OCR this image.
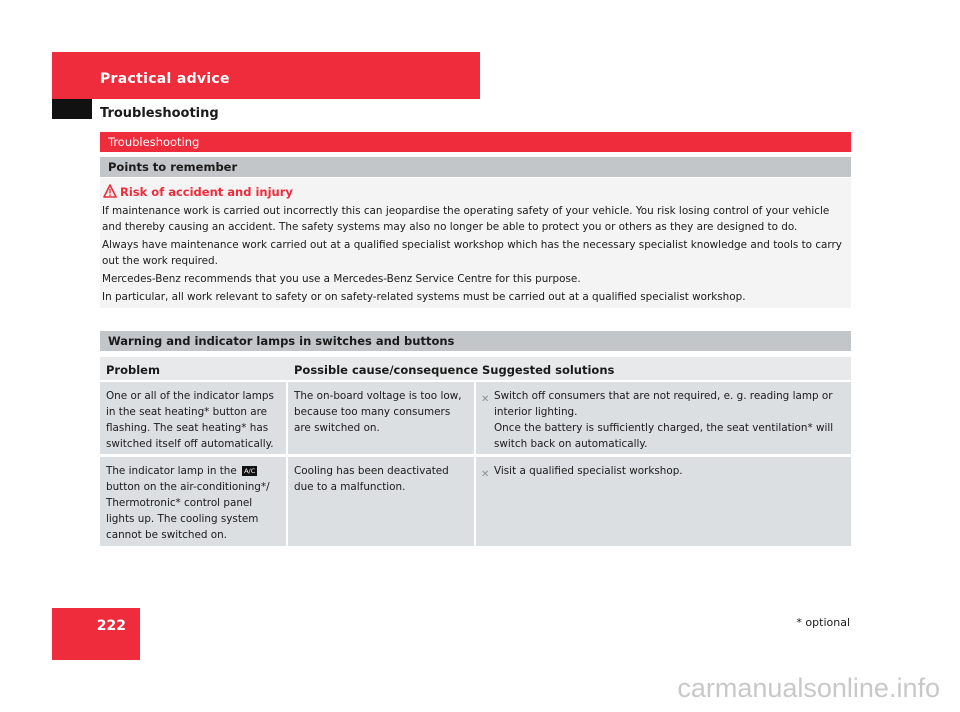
Practical advice
Troubleshooting
Troubleshooting
Points to remember
Risk of accident and injury

If maintenance work is carried out incorrectly this can jeopardise the operating safety of your vehicle. You risk losing control of your vehicle and thereby causing an accident. The safety systems may also no longer be able to protect you or others as they are designed to do.

Always have maintenance work carried out at a qualified specialist workshop which has the necessary specialist knowledge and tools to carry out the work required.

Mercedes-Benz recommends that you use a Mercedes-Benz Service Centre for this purpose.

In particular, all work relevant to safety or on safety-related systems must be carried out at a qualified specialist workshop.

Warning and indicator lamps in switches and buttons
Problem	Possible cause/consequence Suggested solutions
One or all of the indicator lamps in the seat heating* button are flashing. The seat heating* has switched itself off automatically.
The on-board voltage is too low, because too many consumers are switched on.
✕ Switch off consumers that are not required, e. g. reading lamp or interior lighting.
Once the battery is sufficiently charged, the seat ventilation* will switch back on automatically.
The indicator lamp in the A/C button on the air-conditioning*/ Thermotronic* control panel lights up. The cooling system cannot be switched on.
Cooling has been deactivated due to a malfunction.
✕ Visit a qualified specialist workshop.
222	* optional
carmanualsonline.info
